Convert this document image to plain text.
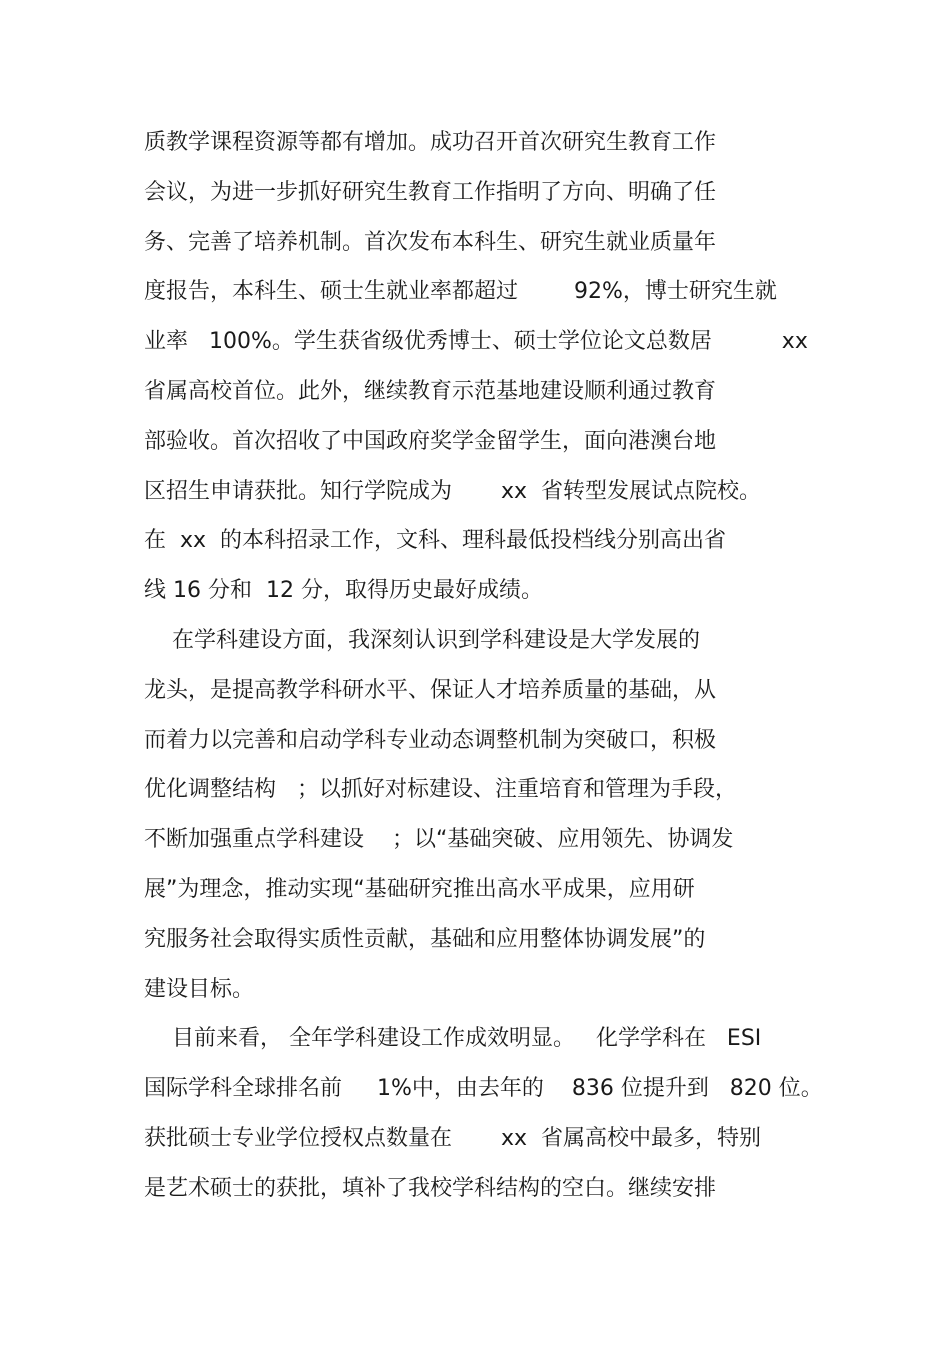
质教学课程资源等都有增加。成功召开首次研究生教育工作
会议，为进一步抓好研究生教育工作指明了方向、明确了任
务、完善了培养机制。首次发布本科生、研究生就业质量年
度报告，本科生、硕士生就业率都超过        92%，博士研究生就
业率   100%。学生获省级优秀博士、硕士学位论文总数居          xx
省属高校首位。此外，继续教育示范基地建设顺利通过教育
部验收。首次招收了中国政府奖学金留学生，面向港澳台地
区招生申请获批。知行学院成为       xx  省转型发展试点院校。
在  xx  的本科招录工作，文科、理科最低投档线分别高出省
线 16 分和  12 分，取得历史最好成绩。
在学科建设方面，我深刻认识到学科建设是大学发展的
龙头，是提高教学科研水平、保证人才培养质量的基础，从
而着力以完善和启动学科专业动态调整机制为突破口，积极
优化调整结构   ；以抓好对标建设、注重培育和管理为手段，
不断加强重点学科建设    ；以“基础突破、应用领先、协调发
展”为理念，推动实现“基础研究推出高水平成果，应用研
究服务社会取得实质性贡献，基础和应用整体协调发展”的
建设目标。
目前来看， 全年学科建设工作成效明显。   化学学科在   ESI
国际学科全球排名前     1%中，由去年的    836 位提升到   820 位。
获批硕士专业学位授权点数量在       xx  省属高校中最多，特别
是艺术硕士的获批，填补了我校学科结构的空白。继续安排
